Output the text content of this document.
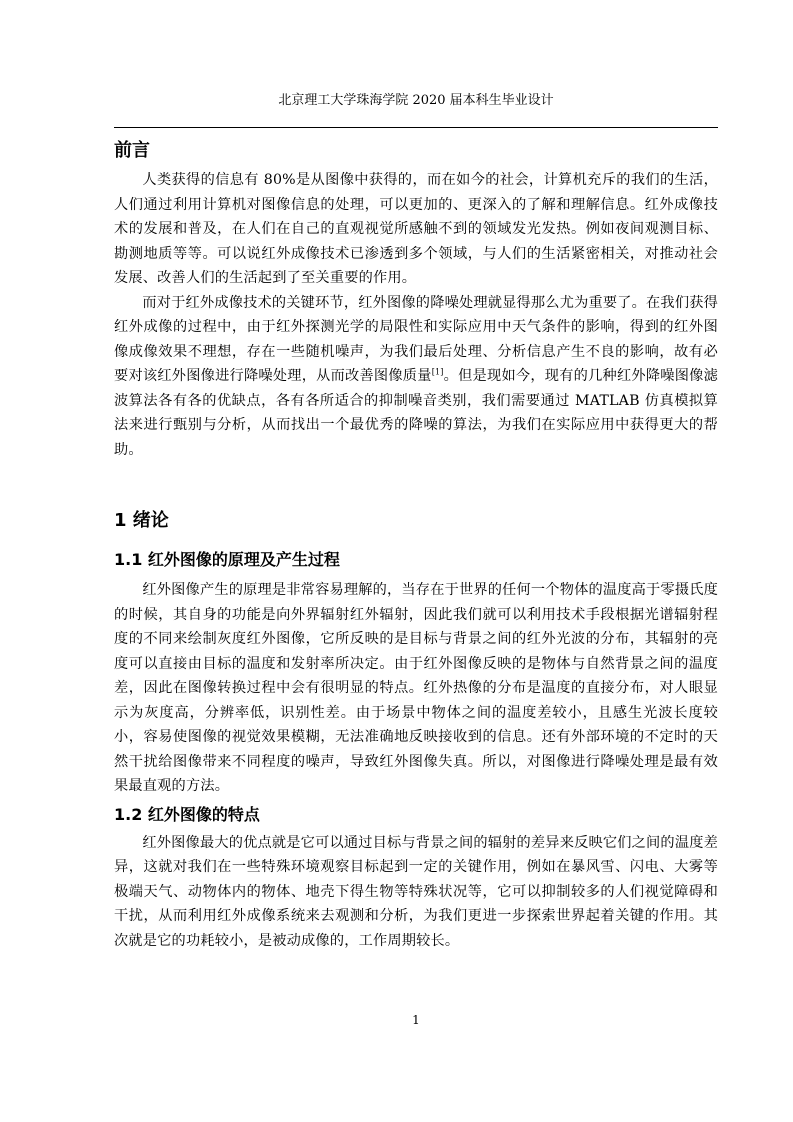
北京理工大学珠海学院 2020 届本科生毕业设计
前言

人类获得的信息有 80%是从图像中获得的，而在如今的社会，计算机充斥的我们的生活，人们通过利用计算机对图像信息的处理，可以更加的、更深入的了解和理解信息。红外成像技术的发展和普及，在人们在自己的直观视觉所感触不到的领域发光发热。例如夜间观测目标、勘测地质等等。可以说红外成像技术已渗透到多个领域，与人们的生活紧密相关，对推动社会发展、改善人们的生活起到了至关重要的作用。

而对于红外成像技术的关键环节，红外图像的降噪处理就显得那么尤为重要了。在我们获得红外成像的过程中，由于红外探测光学的局限性和实际应用中天气条件的影响，得到的红外图像成像效果不理想，存在一些随机噪声，为我们最后处理、分析信息产生不良的影响，故有必要对该红外图像进行降噪处理，从而改善图像质量[1]。但是现如今，现有的几种红外降噪图像滤波算法各有各的优缺点，各有各所适合的抑制噪音类别，我们需要通过 MATLAB 仿真模拟算法来进行甄别与分析，从而找出一个最优秀的降噪的算法，为我们在实际应用中获得更大的帮助。

1 绪论
1.1 红外图像的原理及产生过程

红外图像产生的原理是非常容易理解的，当存在于世界的任何一个物体的温度高于零摄氏度的时候，其自身的功能是向外界辐射红外辐射，因此我们就可以利用技术手段根据光谱辐射程度的不同来绘制灰度红外图像，它所反映的是目标与背景之间的红外光波的分布，其辐射的亮度可以直接由目标的温度和发射率所决定。由于红外图像反映的是物体与自然背景之间的温度差，因此在图像转换过程中会有很明显的特点。红外热像的分布是温度的直接分布，对人眼显示为灰度高，分辨率低，识别性差。由于场景中物体之间的温度差较小，且感生光波长度较小，容易使图像的视觉效果模糊，无法准确地反映接收到的信息。还有外部环境的不定时的天然干扰给图像带来不同程度的噪声，导致红外图像失真。所以，对图像进行降噪处理是最有效果最直观的方法。

1.2 红外图像的特点

红外图像最大的优点就是它可以通过目标与背景之间的辐射的差异来反映它们之间的温度差异，这就对我们在一些特殊环境观察目标起到一定的关键作用，例如在暴风雪、闪电、大雾等极端天气、动物体内的物体、地壳下得生物等特殊状况等，它可以抑制较多的人们视觉障碍和干扰，从而利用红外成像系统来去观测和分析，为我们更进一步探索世界起着关键的作用。其次就是它的功耗较小，是被动成像的，工作周期较长。

1
